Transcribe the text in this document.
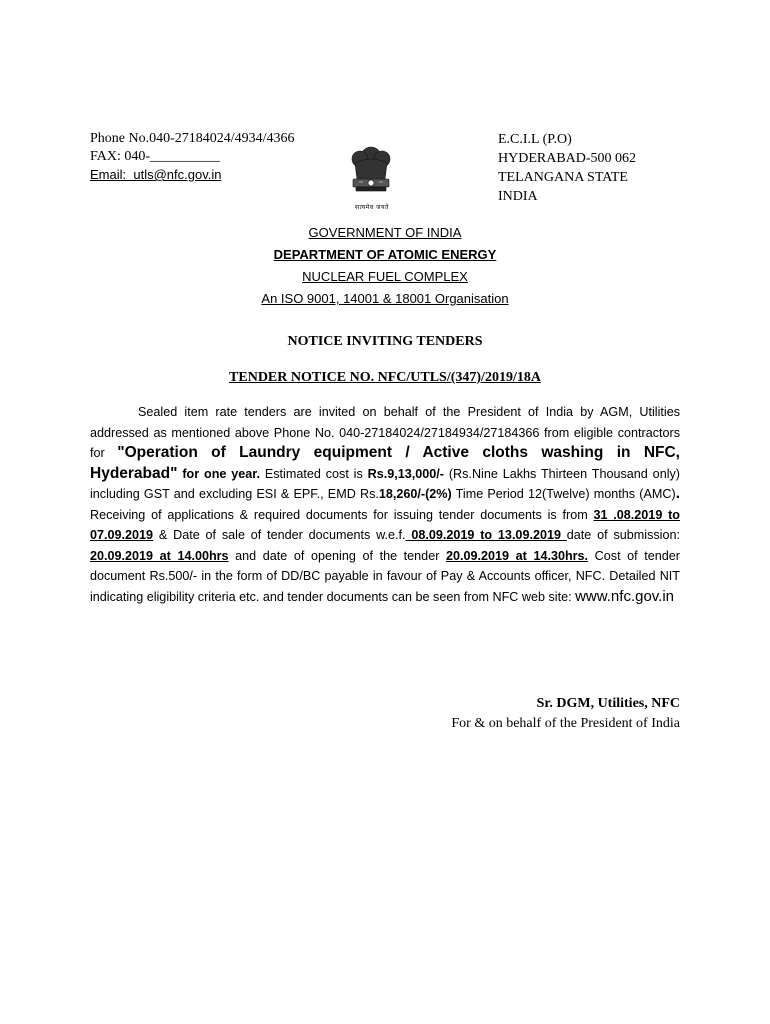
Phone No.040-27184024/4934/4366
FAX: 040-__________
Email: utls@nfc.gov.in
सत्यमेव जयते
E.C.I.L (P.O)
HYDERABAD-500 062
TELANGANA STATE
INDIA
GOVERNMENT OF INDIA
DEPARTMENT OF ATOMIC ENERGY
NUCLEAR FUEL COMPLEX
An ISO 9001, 14001 & 18001 Organisation
NOTICE INVITING TENDERS
TENDER NOTICE NO. NFC/UTLS/(347)/2019/18A

Sealed item rate tenders are invited on behalf of the President of India by AGM, Utilities addressed as mentioned above Phone No. 040-27184024/27184934/27184366 from eligible contractors for "Operation of Laundry equipment / Active cloths washing in NFC, Hyderabad" for one year. Estimated cost is Rs.9,13,000/- (Rs.Nine Lakhs Thirteen Thousand only) including GST and excluding ESI & EPF., EMD Rs.18,260/-(2%) Time Period 12(Twelve) months (AMC). Receiving of applications & required documents for issuing tender documents is from 31 .08.2019 to 07.09.2019 & Date of sale of tender documents w.e.f. 08.09.2019 to 13.09.2019 date of submission: 20.09.2019 at 14.00hrs and date of opening of the tender 20.09.2019 at 14.30hrs. Cost of tender document Rs.500/- in the form of DD/BC payable in favour of Pay & Accounts officer, NFC. Detailed NIT indicating eligibility criteria etc. and tender documents can be seen from NFC web site: www.nfc.gov.in

Sr. DGM, Utilities, NFC
For & on behalf of the President of India
